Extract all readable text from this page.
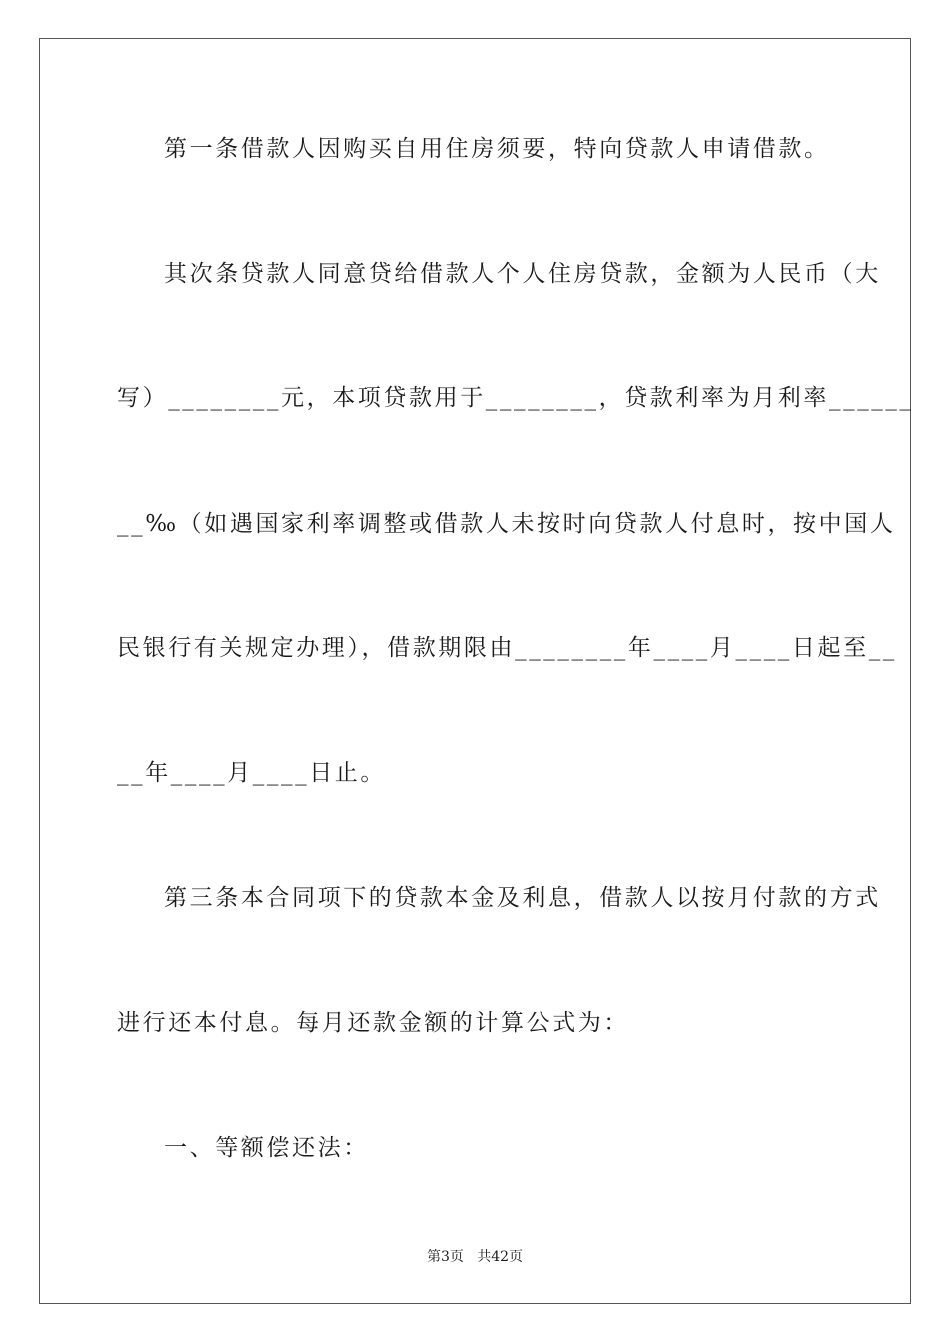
第一条借款人因购买自用住房须要，特向贷款人申请借款。
其次条贷款人同意贷给借款人个人住房贷款，金额为人民币（大
写）________元，本项贷款用于________，贷款利率为月利率______
__‰（如遇国家利率调整或借款人未按时向贷款人付息时，按中国人
民银行有关规定办理），借款期限由________年____月____日起至__
__年____月____日止。
第三条本合同项下的贷款本金及利息，借款人以按月付款的方式
进行还本付息。每月还款金额的计算公式为：
一、等额偿还法：
第3页   共42页
